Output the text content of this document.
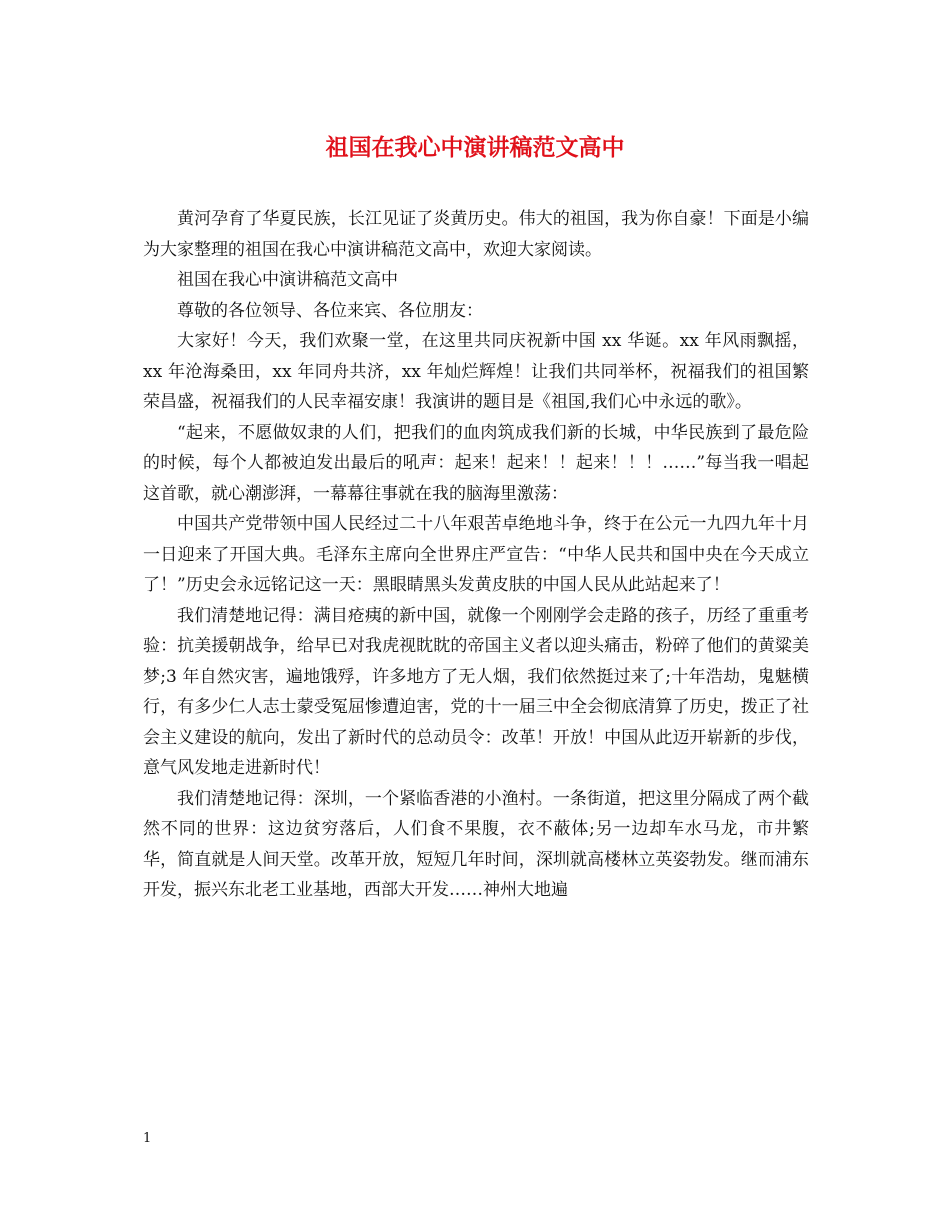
祖国在我心中演讲稿范文高中

黄河孕育了华夏民族，长江见证了炎黄历史。伟大的祖国，我为你自豪！下面是小编为大家整理的祖国在我心中演讲稿范文高中，欢迎大家阅读。

祖国在我心中演讲稿范文高中

尊敬的各位领导、各位来宾、各位朋友：

大家好！今天，我们欢聚一堂，在这里共同庆祝新中国 xx 华诞。xx 年风雨飘摇，xx 年沧海桑田，xx 年同舟共济，xx 年灿烂辉煌！让我们共同举杯，祝福我们的祖国繁荣昌盛，祝福我们的人民幸福安康！我演讲的题目是《祖国,我们心中永远的歌》。

“起来，不愿做奴隶的人们，把我们的血肉筑成我们新的长城，中华民族到了最危险的时候，每个人都被迫发出最后的吼声：起来！起来！！起来！！！……”每当我一唱起这首歌，就心潮澎湃，一幕幕往事就在我的脑海里激荡：

中国共产党带领中国人民经过二十八年艰苦卓绝地斗争，终于在公元一九四九年十月一日迎来了开国大典。毛泽东主席向全世界庄严宣告：“中华人民共和国中央在今天成立了！”历史会永远铭记这一天：黑眼睛黑头发黄皮肤的中国人民从此站起来了！

我们清楚地记得：满目疮痍的新中国，就像一个刚刚学会走路的孩子，历经了重重考验：抗美援朝战争，给早已对我虎视眈眈的帝国主义者以迎头痛击，粉碎了他们的黄粱美梦;3 年自然灾害，遍地饿殍，许多地方了无人烟，我们依然挺过来了;十年浩劫，鬼魅横行，有多少仁人志士蒙受冤屈惨遭迫害，党的十一届三中全会彻底清算了历史，拨正了社会主义建设的航向，发出了新时代的总动员令：改革！开放！中国从此迈开崭新的步伐，意气风发地走进新时代！

我们清楚地记得：深圳，一个紧临香港的小渔村。一条街道，把这里分隔成了两个截然不同的世界：这边贫穷落后，人们食不果腹，衣不蔽体;另一边却车水马龙，市井繁华，简直就是人间天堂。改革开放，短短几年时间，深圳就高楼林立英姿勃发。继而浦东开发，振兴东北老工业基地，西部大开发……神州大地遍

1
